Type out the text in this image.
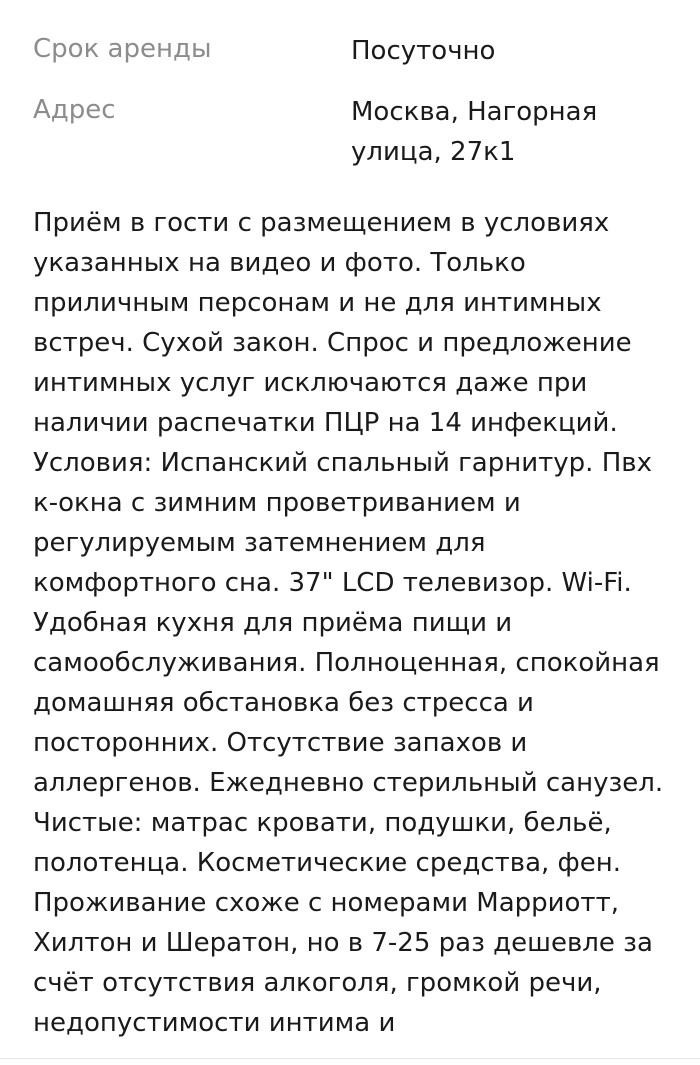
Срок аренды	Посуточно
Адрес	Москва, Нагорная улица, 27к1

Приём в гости с размещением в условиях указанных на видео и фото. Только приличным персонам и не для интимных встреч. Сухой закон. Спрос и предложение интимных услуг исключаются даже при наличии распечатки ПЦР на 14 инфекций. Условия: Испанский спальный гарнитур. Пвх к-окна с зимним проветриванием и регулируемым затемнением для комфортного сна. 37" LCD телевизор. Wi-Fi. Удобная кухня для приёма пищи и самообслуживания. Полноценная, спокойная домашняя обстановка без стресса и посторонних. Отсутствие запахов и аллергенов. Ежедневно стерильный санузел. Чистые: матрас кровати, подушки, бельё, полотенца. Косметические средства, фен. Проживание схоже с номерами Марриотт, Хилтон и Шератон, но в 7-25 раз дешевле за счёт отсутствия алкоголя, громкой речи, недопустимости интима и
